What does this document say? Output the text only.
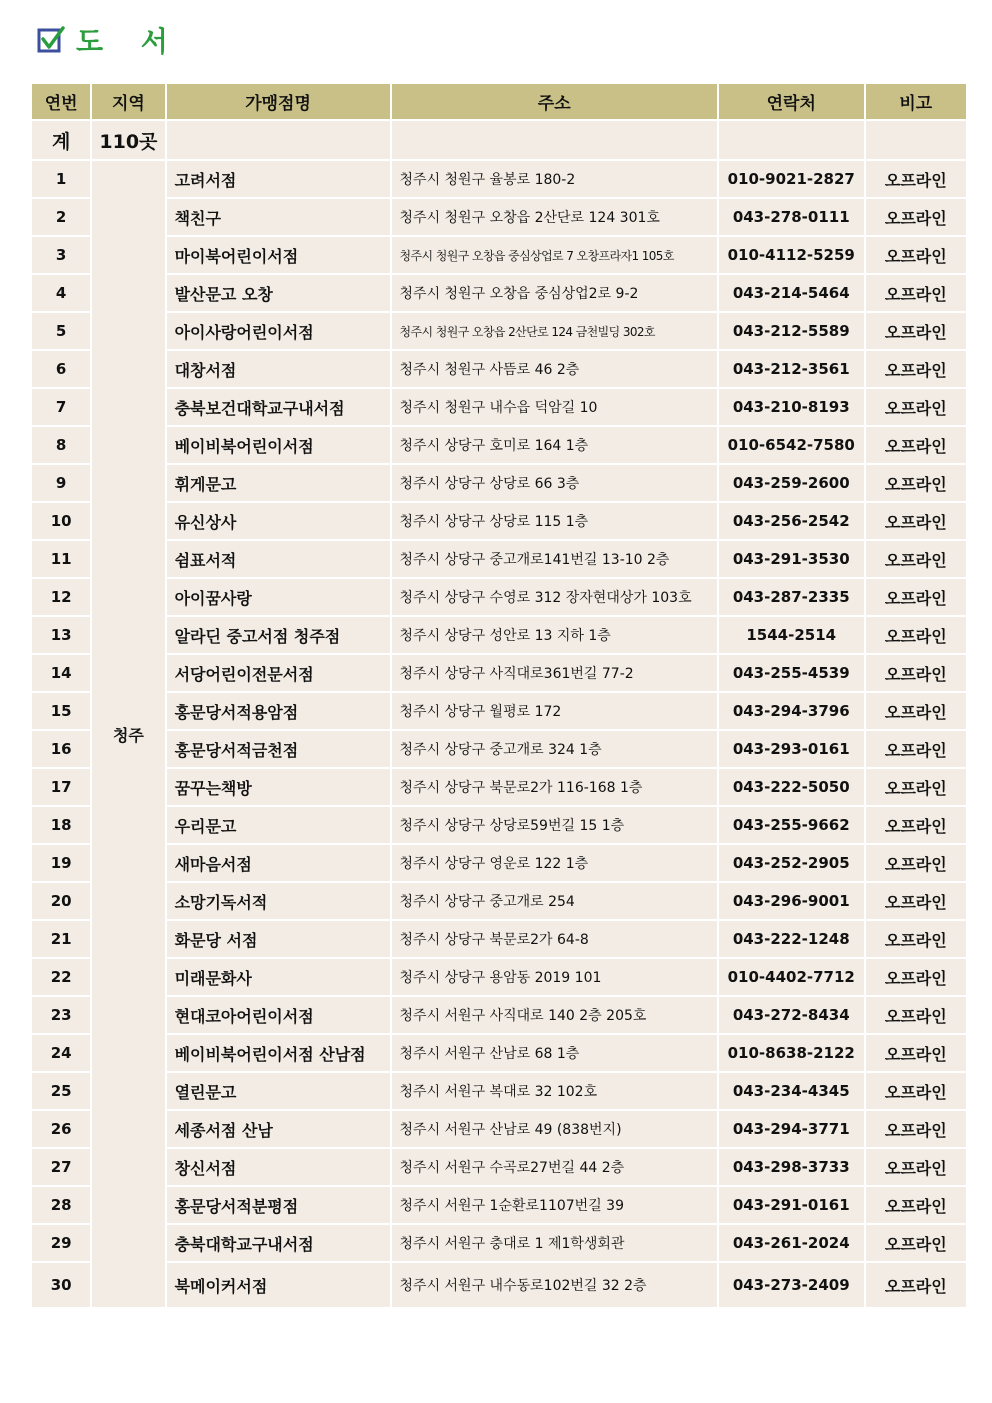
도 서
연번	지역	가맹점명	주소	연락처	비고
계	110곳				
1	청주	고려서점	청주시 청원구 율봉로 180-2	010-9021-2827	오프라인
2		책친구	청주시 청원구 오창읍 2산단로 124 301호	043-278-0111	오프라인
3		마이북어린이서점	청주시 청원구 오창읍 중심상업로 7 오창프라자1 105호	010-4112-5259	오프라인
4		발산문고 오창	청주시 청원구 오창읍 중심상업2로 9-2	043-214-5464	오프라인
5		아이사랑어린이서점	청주시 청원구 오창읍 2산단로 124 금천빌딩 302호	043-212-5589	오프라인
6		대창서점	청주시 청원구 사뜸로 46 2층	043-212-3561	오프라인
7		충북보건대학교구내서점	청주시 청원구 내수읍 덕암길 10	043-210-8193	오프라인
8		베이비북어린이서점	청주시 상당구 호미로 164 1층	010-6542-7580	오프라인
9		휘게문고	청주시 상당구 상당로 66 3층	043-259-2600	오프라인
10		유신상사	청주시 상당구 상당로 115 1층	043-256-2542	오프라인
11		쉼표서적	청주시 상당구 중고개로141번길 13-10 2층	043-291-3530	오프라인
12		아이꿈사랑	청주시 상당구 수영로 312 장자현대상가 103호	043-287-2335	오프라인
13		알라딘 중고서점 청주점	청주시 상당구 성안로 13 지하 1층	1544-2514	오프라인
14		서당어린이전문서점	청주시 상당구 사직대로361번길 77-2	043-255-4539	오프라인
15		홍문당서적용암점	청주시 상당구 월평로 172	043-294-3796	오프라인
16		홍문당서적금천점	청주시 상당구 중고개로 324 1층	043-293-0161	오프라인
17		꿈꾸는책방	청주시 상당구 북문로2가 116-168 1층	043-222-5050	오프라인
18		우리문고	청주시 상당구 상당로59번길 15 1층	043-255-9662	오프라인
19		새마음서점	청주시 상당구 영운로 122 1층	043-252-2905	오프라인
20		소망기독서적	청주시 상당구 중고개로 254	043-296-9001	오프라인
21		화문당 서점	청주시 상당구 북문로2가 64-8	043-222-1248	오프라인
22		미래문화사	청주시 상당구 용암동 2019 101	010-4402-7712	오프라인
23		현대코아어린이서점	청주시 서원구 사직대로 140 2층 205호	043-272-8434	오프라인
24		베이비북어린이서점 산남점	청주시 서원구 산남로 68 1층	010-8638-2122	오프라인
25		열린문고	청주시 서원구 복대로 32 102호	043-234-4345	오프라인
26		세종서점 산남	청주시 서원구 산남로 49 (838번지)	043-294-3771	오프라인
27		창신서점	청주시 서원구 수곡로27번길 44 2층	043-298-3733	오프라인
28		홍문당서적분평점	청주시 서원구 1순환로1107번길 39	043-291-0161	오프라인
29		충북대학교구내서점	청주시 서원구 충대로 1 제1학생회관	043-261-2024	오프라인
30		북메이커서점	청주시 서원구 내수동로102번길 32 2층	043-273-2409	오프라인
